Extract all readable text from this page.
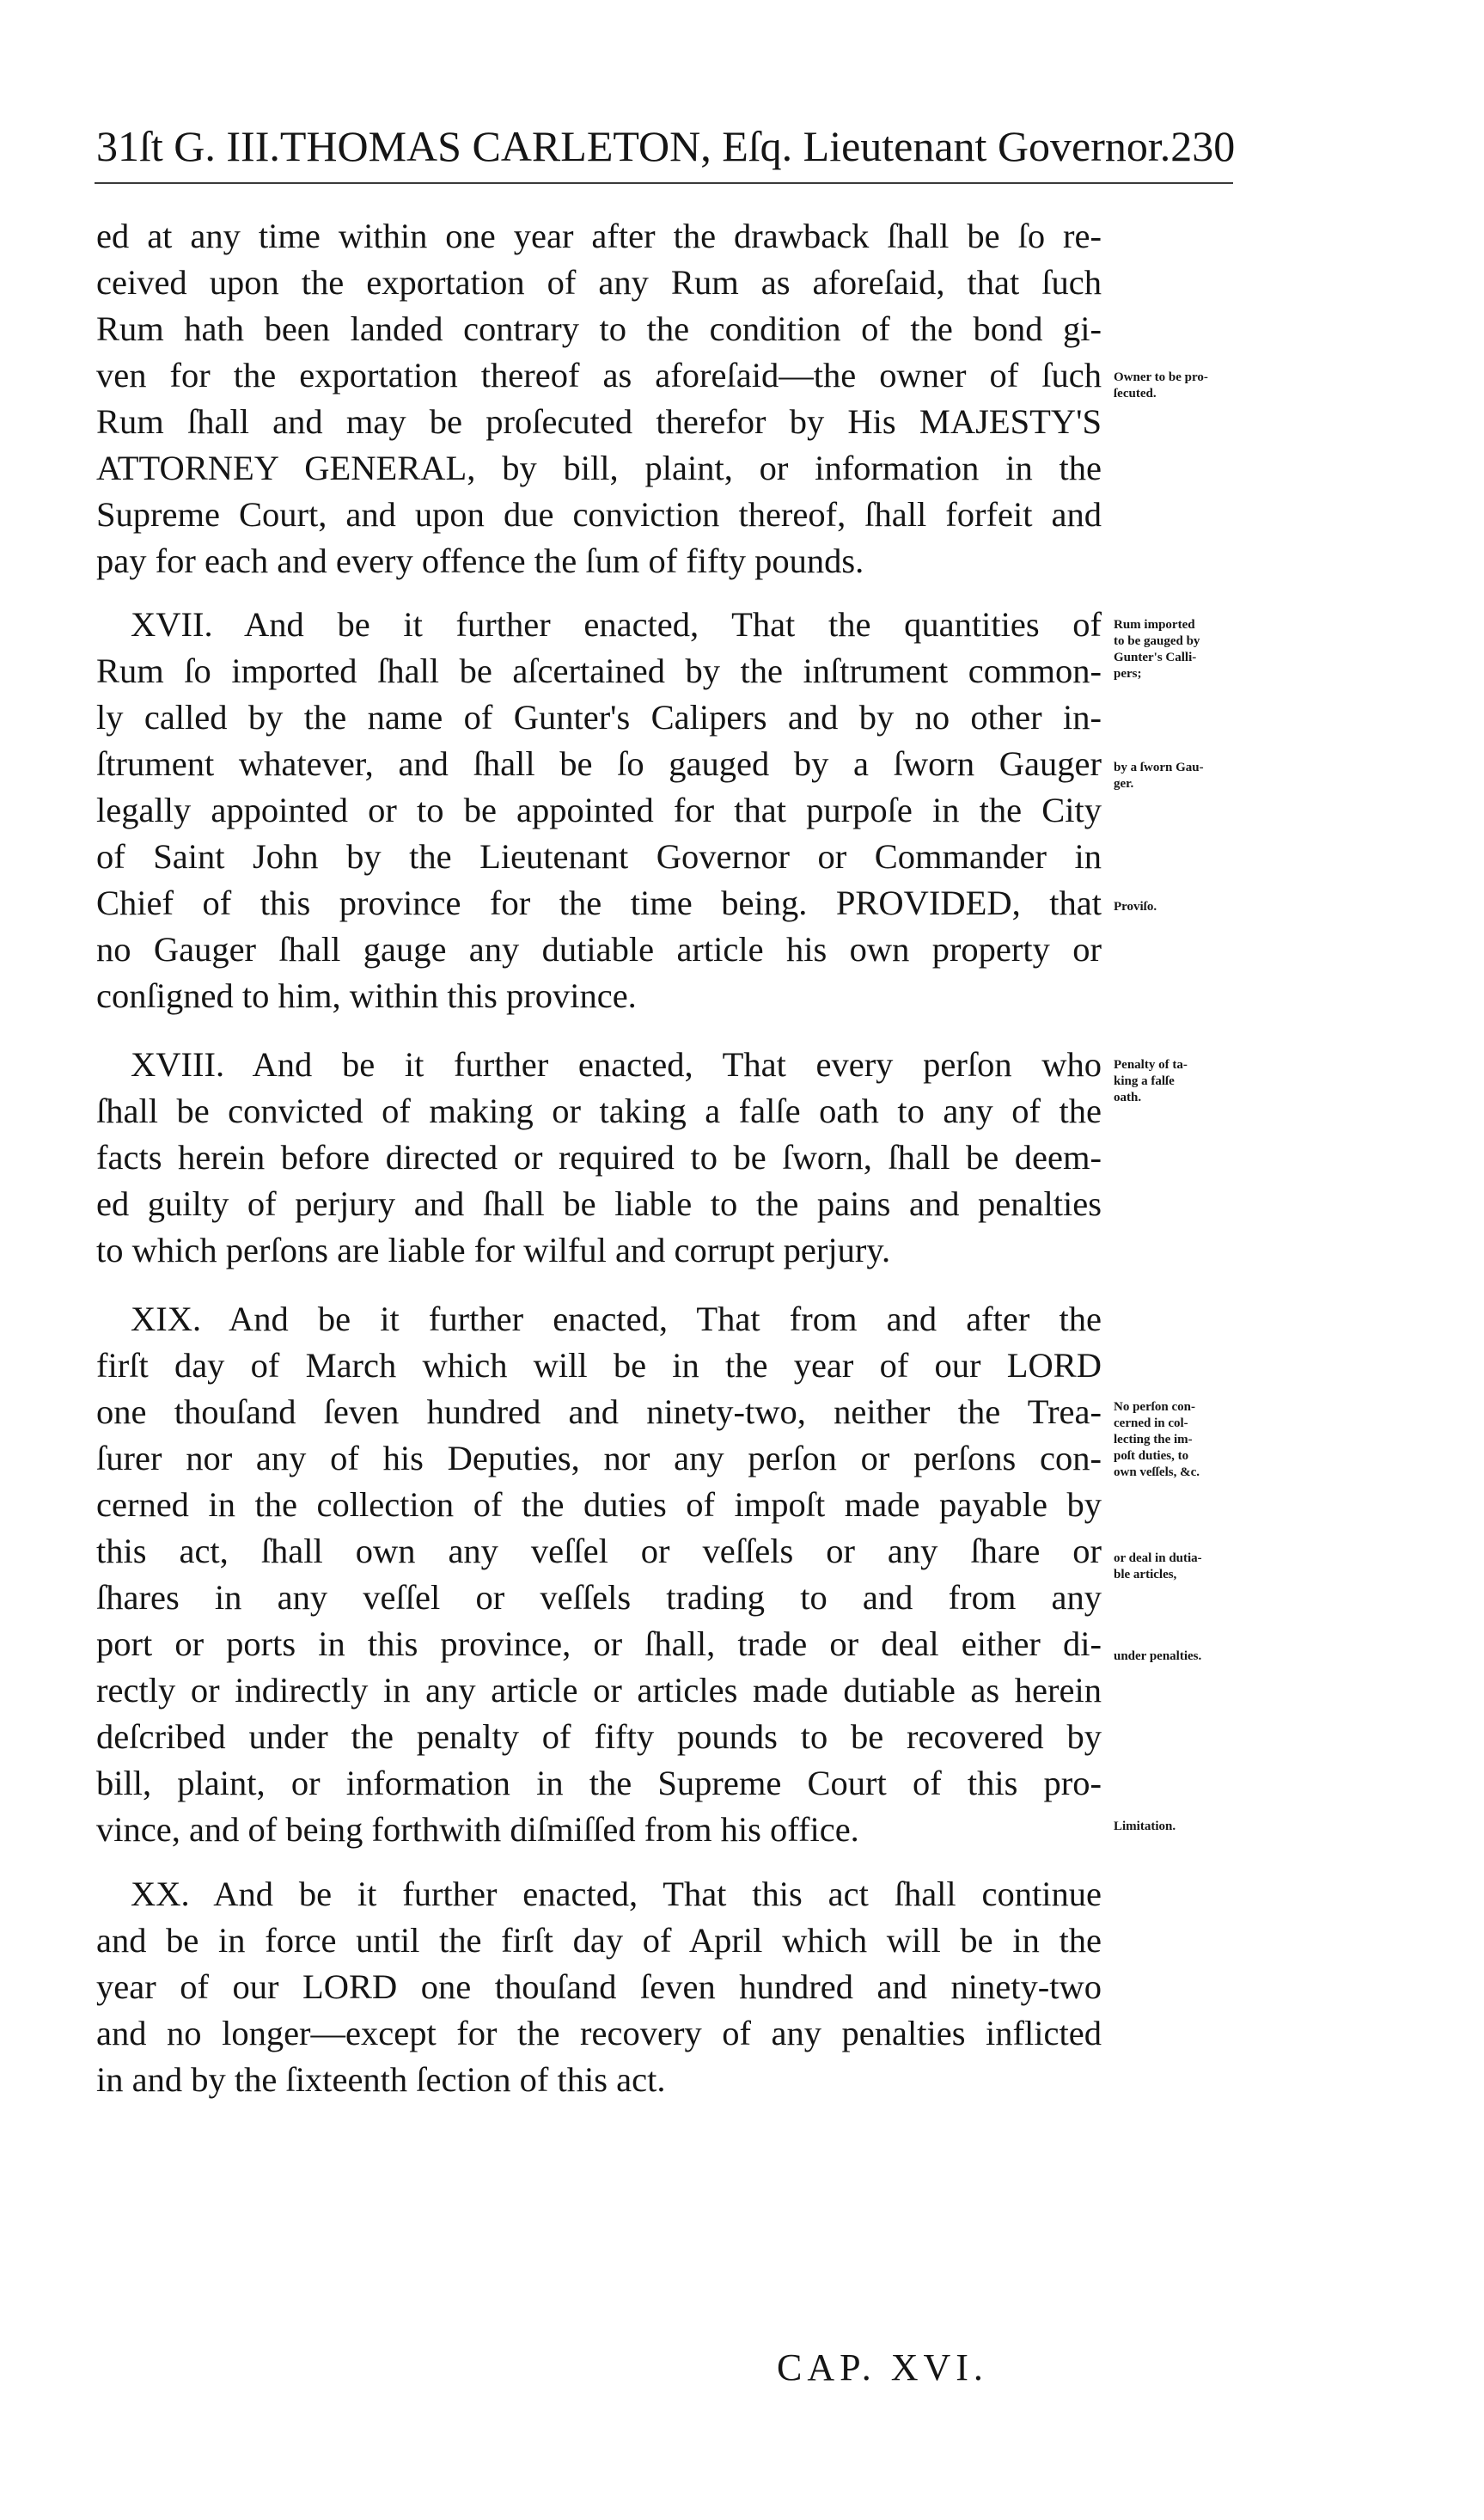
31ſt G. III. THOMAS CARLETON, Eſq. Lieutenant Governor. 230
ed at any time within one year after the drawback ſhall be ſo re-
ceived upon the exportation of any Rum as aforeſaid, that ſuch
Rum hath been landed contrary to the condition of the bond gi-
ven for the exportation thereof as aforeſaid—the owner of ſuch
Rum ſhall and may be proſecuted therefor by His MAJESTY'S
ATTORNEY GENERAL, by bill, plaint, or information in the
Supreme Court, and upon due conviction thereof, ſhall forfeit and
pay for each and every offence the ſum of fifty pounds.
XVII. And be it further enacted, That the quantities of
Rum ſo imported ſhall be aſcertained by the inſtrument common-
ly called by the name of Gunter's Calipers and by no other in-
ſtrument whatever, and ſhall be ſo gauged by a ſworn Gauger
legally appointed or to be appointed for that purpoſe in the City
of Saint John by the Lieutenant Governor or Commander in
Chief of this province for the time being. PROVIDED, that
no Gauger ſhall gauge any dutiable article his own property or
conſigned to him, within this province.
XVIII. And be it further enacted, That every perſon who
ſhall be convicted of making or taking a falſe oath to any of the
facts herein before directed or required to be ſworn, ſhall be deem-
ed guilty of perjury and ſhall be liable to the pains and penalties
to which perſons are liable for wilful and corrupt perjury.
XIX. And be it further enacted, That from and after the
firſt day of March which will be in the year of our LORD
one thouſand ſeven hundred and ninety-two, neither the Trea-
ſurer nor any of his Deputies, nor any perſon or perſons con-
cerned in the collection of the duties of impoſt made payable by
this act, ſhall own any veſſel or veſſels or any ſhare or
ſhares in any veſſel or veſſels trading to and from any
port or ports in this province, or ſhall, trade or deal either di-
rectly or indirectly in any article or articles made dutiable as herein
deſcribed under the penalty of fifty pounds to be recovered by
bill, plaint, or information in the Supreme Court of this pro-
vince, and of being forthwith diſmiſſed from his office.
XX. And be it further enacted, That this act ſhall continue
and be in force until the firſt day of April which will be in the
year of our LORD one thouſand ſeven hundred and ninety-two
and no longer—except for the recovery of any penalties inflicted
in and by the ſixteenth ſection of this act.
Owner to be pro-
ſecuted.
Rum imported
to be gauged by
Gunter's Calli-
pers;
by a ſworn Gau-
ger.
Proviſo.
Penalty of ta-
king a falſe
oath.
No perſon con-
cerned in col-
lecting the im-
poſt duties, to
own veſſels, &c.
or deal in dutia-
ble articles,
under penalties.
Limitation.
CAP. XVI.
